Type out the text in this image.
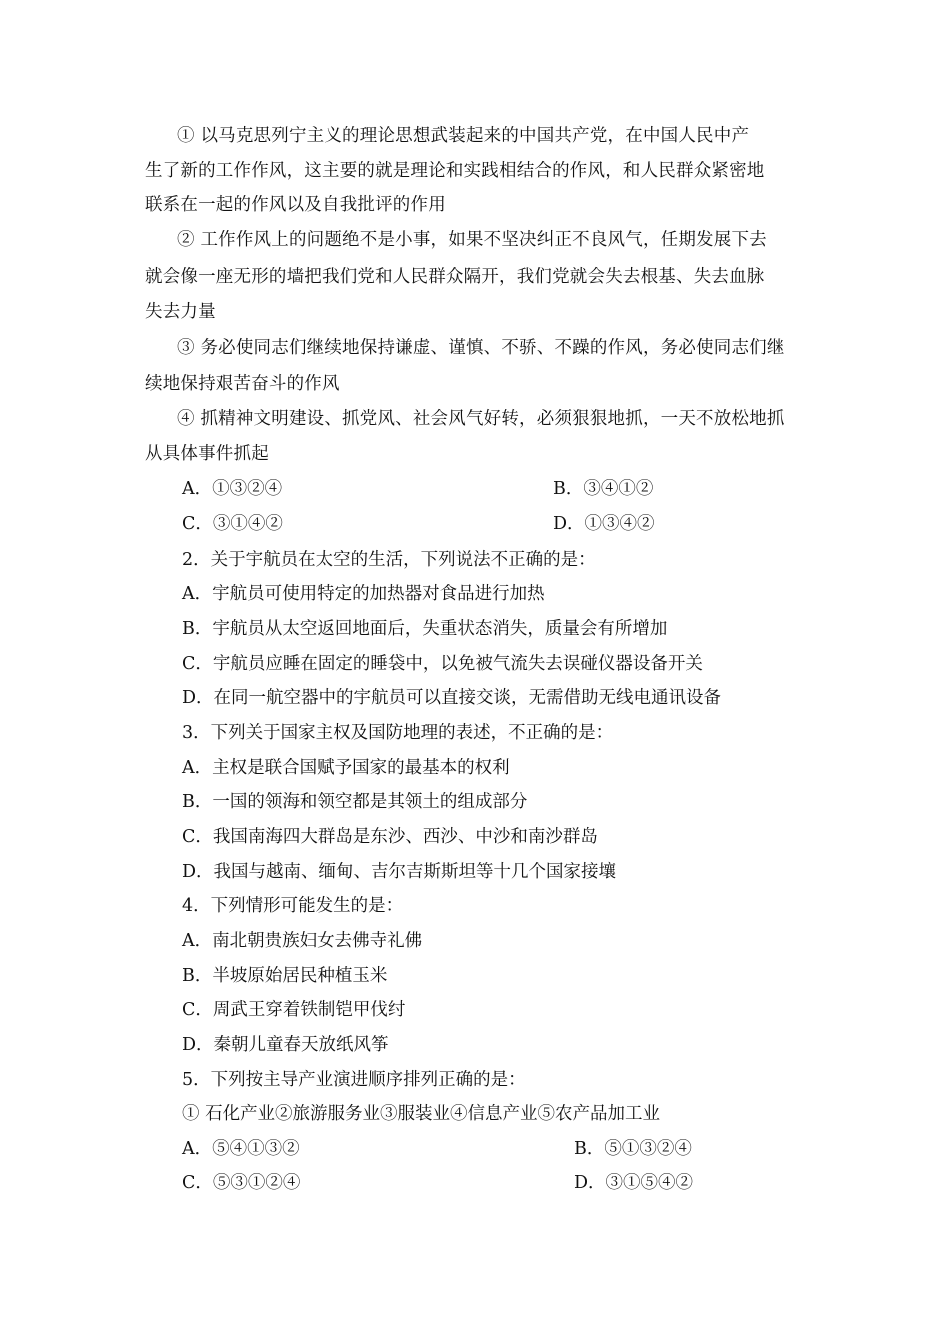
① 以马克思列宁主义的理论思想武装起来的中国共产党，在中国人民中产
生了新的工作作风，这主要的就是理论和实践相结合的作风，和人民群众紧密地
联系在一起的作风以及自我批评的作用
② 工作作风上的问题绝不是小事，如果不坚决纠正不良风气，任期发展下去
就会像一座无形的墙把我们党和人民群众隔开，我们党就会失去根基、失去血脉
失去力量
③ 务必使同志们继续地保持谦虚、谨慎、不骄、不躁的作风，务必使同志们继
续地保持艰苦奋斗的作风
④ 抓精神文明建设、抓党风、社会风气好转，必须狠狠地抓，一天不放松地抓
从具体事件抓起
A．①③②④	B．③④①②
C．③①④②	D．①③④②
2．关于宇航员在太空的生活，下列说法不正确的是：
A．宇航员可使用特定的加热器对食品进行加热
B．宇航员从太空返回地面后，失重状态消失，质量会有所增加
C．宇航员应睡在固定的睡袋中，以免被气流失去误碰仪器设备开关
D．在同一航空器中的宇航员可以直接交谈，无需借助无线电通讯设备
3．下列关于国家主权及国防地理的表述，不正确的是：
A．主权是联合国赋予国家的最基本的权利
B．一国的领海和领空都是其领土的组成部分
C．我国南海四大群岛是东沙、西沙、中沙和南沙群岛
D．我国与越南、缅甸、吉尔吉斯斯坦等十几个国家接壤
4．下列情形可能发生的是：
A．南北朝贵族妇女去佛寺礼佛
B．半坡原始居民种植玉米
C．周武王穿着铁制铠甲伐纣
D．秦朝儿童春天放纸风筝
5．下列按主导产业演进顺序排列正确的是：
① 石化产业②旅游服务业③服装业④信息产业⑤农产品加工业
A．⑤④①③②	B．⑤①③②④
C．⑤③①②④	D．③①⑤④②
